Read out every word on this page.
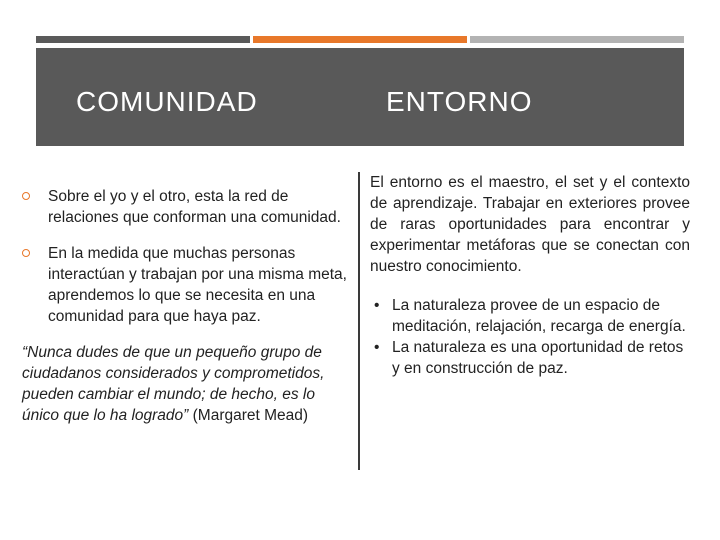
COMUNIDAD	ENTORNO
Sobre el yo y el otro, esta la red de relaciones que conforman una comunidad.
En la medida que muchas personas interactúan y trabajan por una misma meta, aprendemos lo que se necesita en una comunidad para que haya paz.
“Nunca dudes de que un pequeño grupo de ciudadanos considerados y comprometidos, pueden cambiar el mundo; de hecho, es lo único que lo ha logrado” (Margaret Mead)

El entorno es el maestro, el set y el contexto de aprendizaje. Trabajar en exteriores provee de raras oportunidades para encontrar y experimentar metáforas que se conectan con nuestro conocimiento.

• La naturaleza provee de un espacio de meditación, relajación, recarga de energía.
• La naturaleza es una oportunidad de retos y en construcción de paz.
